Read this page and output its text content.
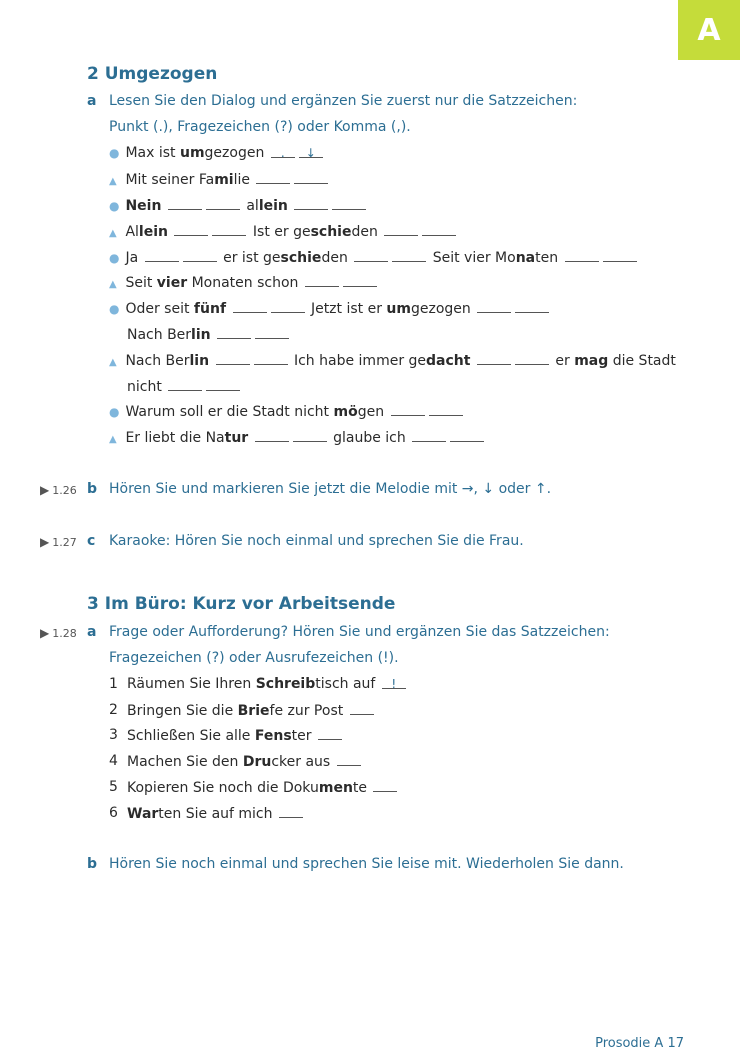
A
2 Umgezogen
a Lesen Sie den Dialog und ergänzen Sie zuerst nur die Satzzeichen:
Punkt (.), Fragezeichen (?) oder Komma (,).
● Max ist umgezogen . ↓
▲ Mit seiner Familie
● Nein	allein
▲ Allein	Ist er geschieden
● Ja	er ist geschieden	Seit vier Monaten
▲ Seit vier Monaten schon
● Oder seit fünf	Jetzt ist er umgezogen
Nach Berlin
▲ Nach Berlin	Ich habe immer gedacht	er mag die Stadt
nicht
● Warum soll er die Stadt nicht mögen
▲ Er liebt die Natur	glaube ich
▶ 1.26 b Hören Sie und markieren Sie jetzt die Melodie mit →, ↓ oder ↑.
▶ 1.27 c Karaoke: Hören Sie noch einmal und sprechen Sie die Frau.
3 Im Büro: Kurz vor Arbeitsende
▶ 1.28 a Frage oder Aufforderung? Hören Sie und ergänzen Sie das Satzzeichen:
Fragezeichen (?) oder Ausrufezeichen (!).
1 Räumen Sie Ihren Schreibtisch auf !
2 Bringen Sie die Briefe zur Post
3 Schließen Sie alle Fenster
4 Machen Sie den Drucker aus
5 Kopieren Sie noch die Dokumente
6 Warten Sie auf mich
b Hören Sie noch einmal und sprechen Sie leise mit. Wiederholen Sie dann.
Prosodie A 17
